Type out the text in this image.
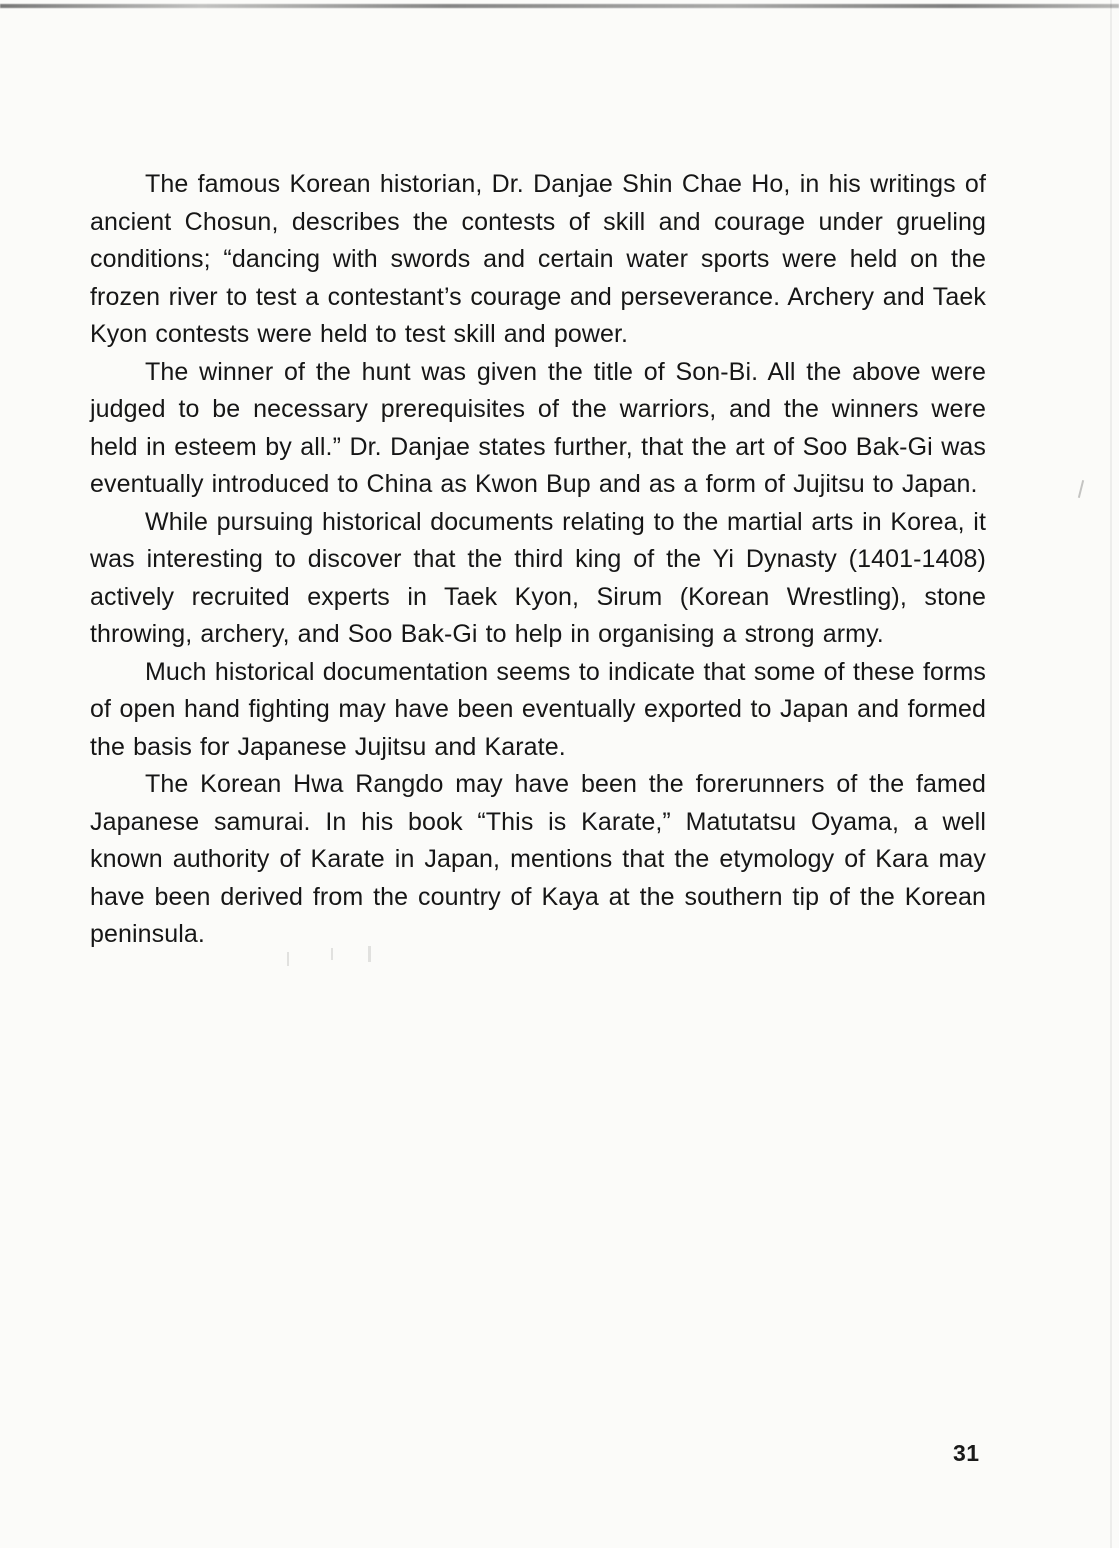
The famous Korean historian, Dr. Danjae Shin Chae Ho, in his writings of ancient Chosun, describes the contests of skill and courage under grueling conditions; “dancing with swords and certain water sports were held on the frozen river to test a contestant’s courage and perseverance. Archery and Taek Kyon contests were held to test skill and power.

The winner of the hunt was given the title of Son-Bi. All the above were judged to be necessary prerequisites of the warriors, and the winners were held in esteem by all.” Dr. Danjae states further, that the art of Soo Bak-Gi was eventually introduced to China as Kwon Bup and as a form of Jujitsu to Japan.

While pursuing historical documents relating to the martial arts in Korea, it was interesting to discover that the third king of the Yi Dynasty (1401-1408) actively recruited experts in Taek Kyon, Sirum (Korean Wrestling), stone throwing, archery, and Soo Bak-Gi to help in organising a strong army.

Much historical documentation seems to indicate that some of these forms of open hand fighting may have been eventually exported to Japan and formed the basis for Japanese Jujitsu and Karate.

The Korean Hwa Rangdo may have been the forerunners of the famed Japanese samurai. In his book “This is Karate,” Matutatsu Oyama, a well known authority of Karate in Japan, mentions that the etymology of Kara may have been derived from the country of Kaya at the southern tip of the Korean peninsula.

31
